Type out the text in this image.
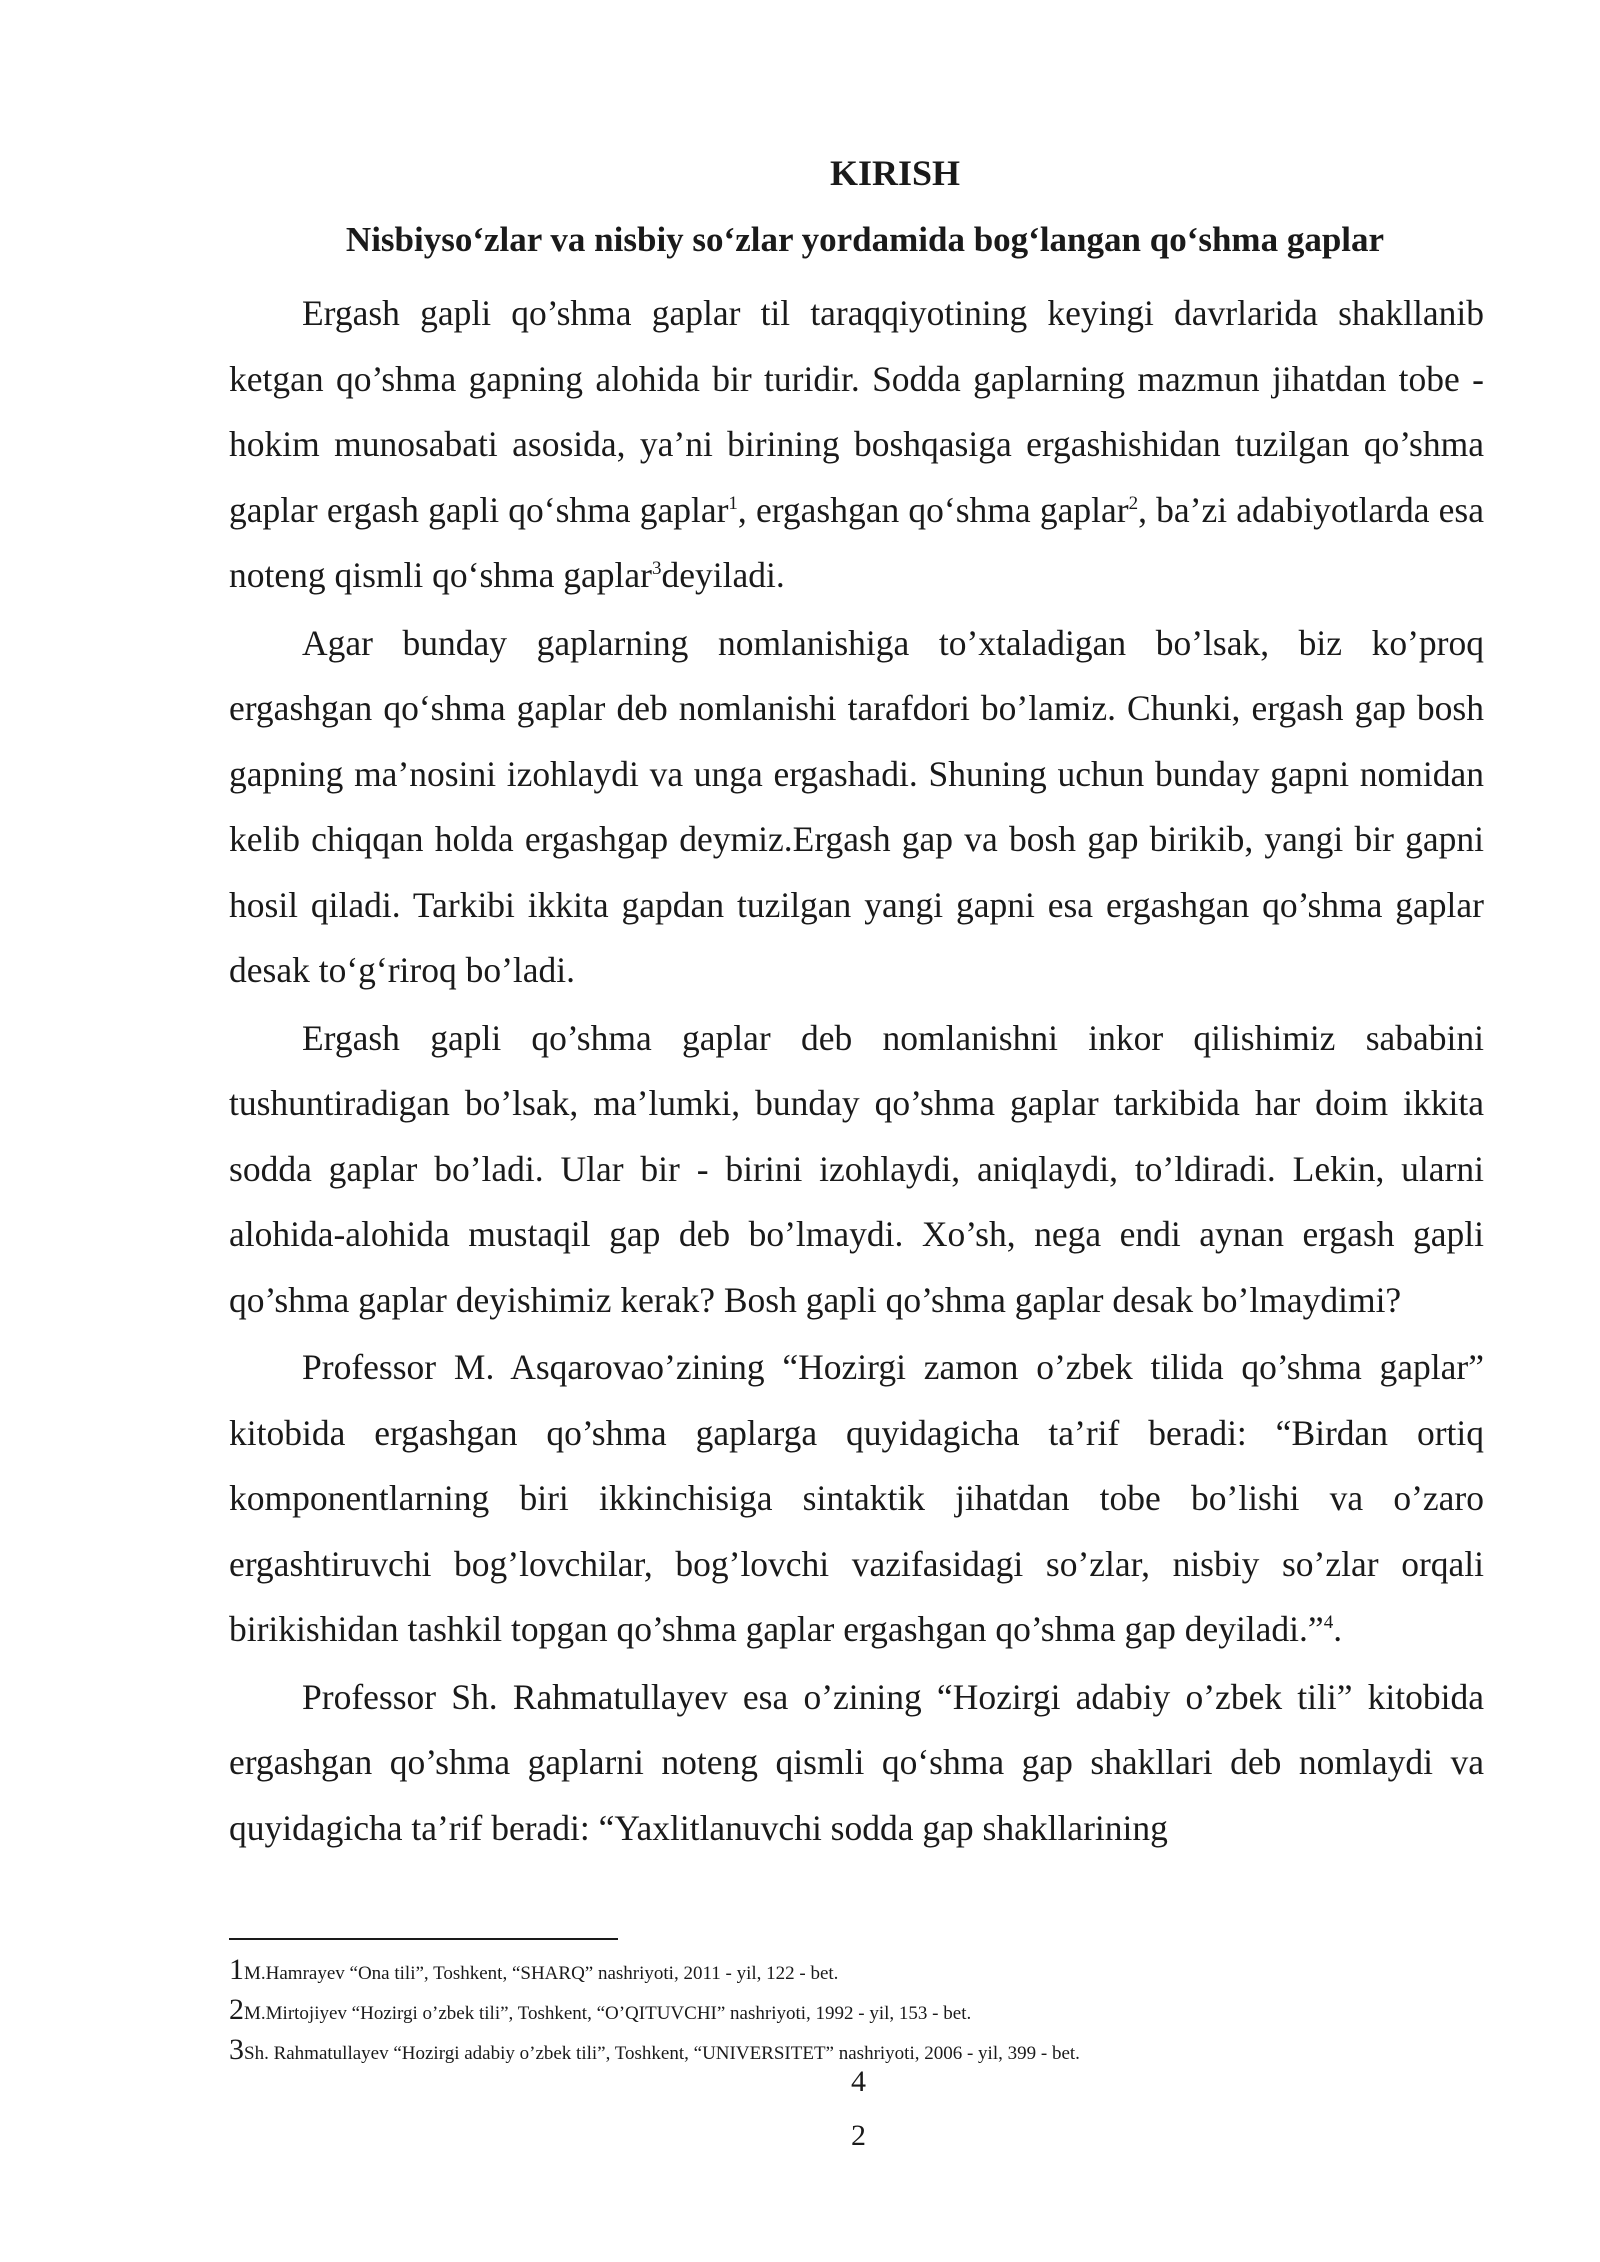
KIRISH
Nisbiyso‘zlar va nisbiy so‘zlar yordamida bog‘langan qo‘shma gaplar

Ergash gapli qo’shma gaplar til taraqqiyotining keyingi davrlarida shakllanib ketgan qo’shma gapning alohida bir turidir. Sodda gaplarning mazmun jihatdan tobe - hokim munosabati asosida, ya’ni birining boshqasiga ergashishidan tuzilgan qo’shma gaplar ergash gapli qo‘shma gaplar$^1$, ergashgan qo‘shma gaplar$^2$, ba’zi adabiyotlarda esa noteng qismli qo‘shma gaplar$^3$deyiladi.

Agar bunday gaplarning nomlanishiga to’xtaladigan bo’lsak, biz ko’proq ergashgan qo‘shma gaplar deb nomlanishi tarafdori bo’lamiz. Chunki, ergash gap bosh gapning ma’nosini izohlaydi va unga ergashadi. Shuning uchun bunday gapni nomidan kelib chiqqan holda ergashgap deymiz.Ergash gap va bosh gap birikib, yangi bir gapni hosil qiladi. Tarkibi ikkita gapdan tuzilgan yangi gapni esa ergashgan qo’shma gaplar desak to‘g‘riroq bo’ladi.

Ergash gapli qo’shma gaplar deb nomlanishni inkor qilishimiz sababini tushuntiradigan bo’lsak, ma’lumki, bunday qo’shma gaplar tarkibida har doim ikkita sodda gaplar bo’ladi. Ular bir - birini izohlaydi, aniqlaydi, to’ldiradi. Lekin, ularni alohida-alohida mustaqil gap deb bo’lmaydi. Xo’sh, nega endi aynan ergash gapli qo’shma gaplar deyishimiz kerak? Bosh gapli qo’shma gaplar desak bo’lmaydimi?

Professor M. Asqarovao’zining “Hozirgi zamon o’zbek tilida qo’shma gaplar” kitobida ergashgan qo’shma gaplarga quyidagicha ta’rif beradi: “Birdan ortiq komponentlarning biri ikkinchisiga sintaktik jihatdan tobe bo’lishi va o’zaro ergashtiruvchi bog’lovchilar, bog’lovchi vazifasidagi so’zlar, nisbiy so’zlar orqali birikishidan tashkil topgan qo’shma gaplar ergashgan qo’shma gap deyiladi.”$^4$.

Professor Sh. Rahmatullayev esa o’zining “Hozirgi adabiy o’zbek tili” kitobida ergashgan qo’shma gaplarni noteng qismli qo‘shma gap shakllari deb nomlaydi va quyidagicha ta’rif beradi: “Yaxlitlanuvchi sodda gap shakllarining

1M.Hamrayev “Ona tili”, Toshkent, “SHARQ” nashriyoti, 2011 - yil, 122 - bet.
2M.Mirtojiyev “Hozirgi o’zbek tili”, Toshkent, “O’QITUVCHI” nashriyoti, 1992 - yil, 153 - bet.
3Sh. Rahmatullayev “Hozirgi adabiy o’zbek tili”, Toshkent, “UNIVERSITET” nashriyoti, 2006 - yil, 399 - bet.
4
2
